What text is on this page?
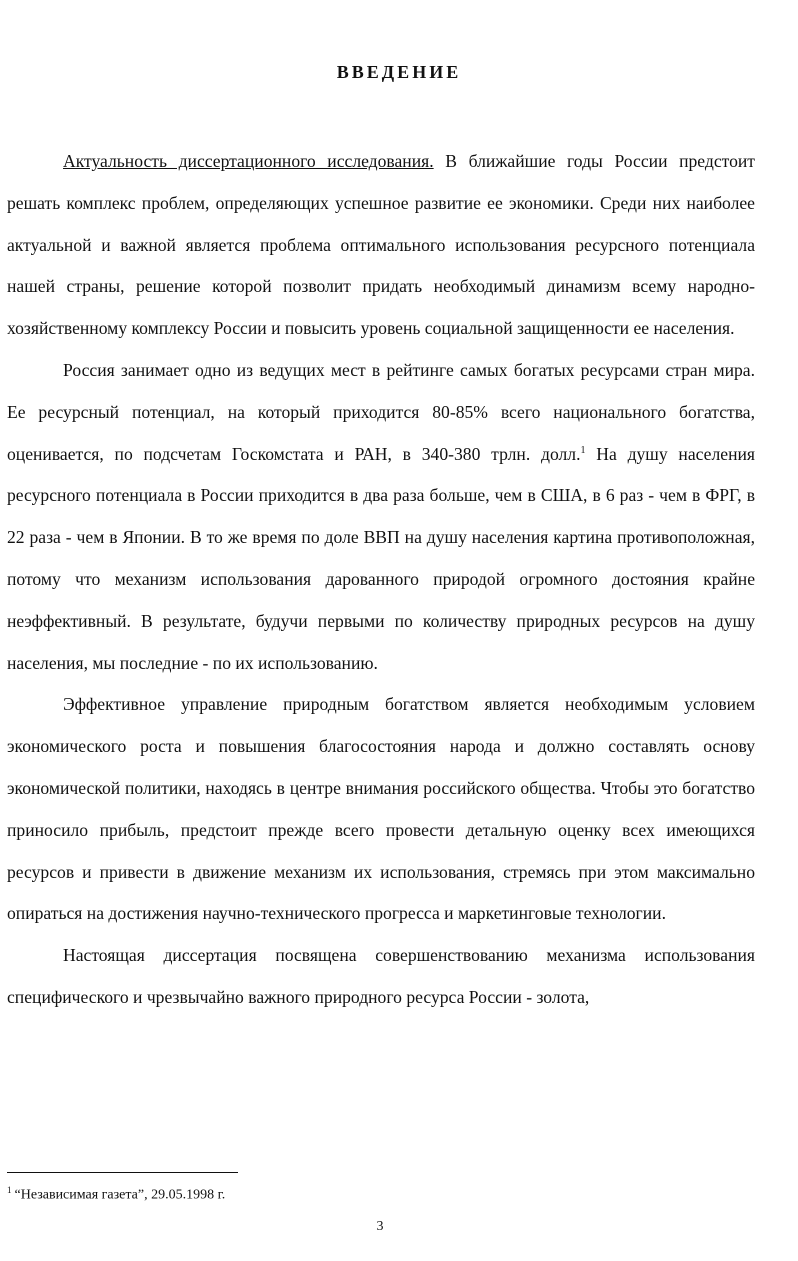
ВВЕДЕНИЕ

Актуальность диссертационного исследования. В ближайшие годы России предстоит решать комплекс проблем, определяющих успешное развитие ее экономики. Среди них наиболее актуальной и важной является проблема оптимального использования ресурсного потенциала нашей страны, решение которой позволит придать необходимый динамизм всему народно-хозяйственному комплексу России и повысить уровень социальной защищенности ее населения.

Россия занимает одно из ведущих мест в рейтинге самых богатых ресурсами стран мира. Ее ресурсный потенциал, на который приходится 80-85% всего национального богатства, оценивается, по подсчетам Госкомстата и РАН, в 340-380 трлн. долл.$^1$ На душу населения ресурсного потенциала в России приходится в два раза больше, чем в США, в 6 раз - чем в ФРГ, в 22 раза - чем в Японии. В то же время по доле ВВП на душу населения картина противоположная, потому что механизм использования дарованного природой огромного достояния крайне неэффективный. В результате, будучи первыми по количеству природных ресурсов на душу населения, мы последние - по их использованию.

Эффективное управление природным богатством является необходимым условием экономического роста и повышения благосостояния народа и должно составлять основу экономической политики, находясь в центре внимания российского общества. Чтобы это богатство приносило прибыль, предстоит прежде всего провести детальную оценку всех имеющихся ресурсов и привести в движение механизм их использования, стремясь при этом максимально опираться на достижения научно-технического прогресса и маркетинговые технологии.

Настоящая диссертация посвящена совершенствованию механизма использования специфического и чрезвычайно важного природного ресурса России - золота,

$^1$ “Независимая газета”, 29.05.1998 г.
3
